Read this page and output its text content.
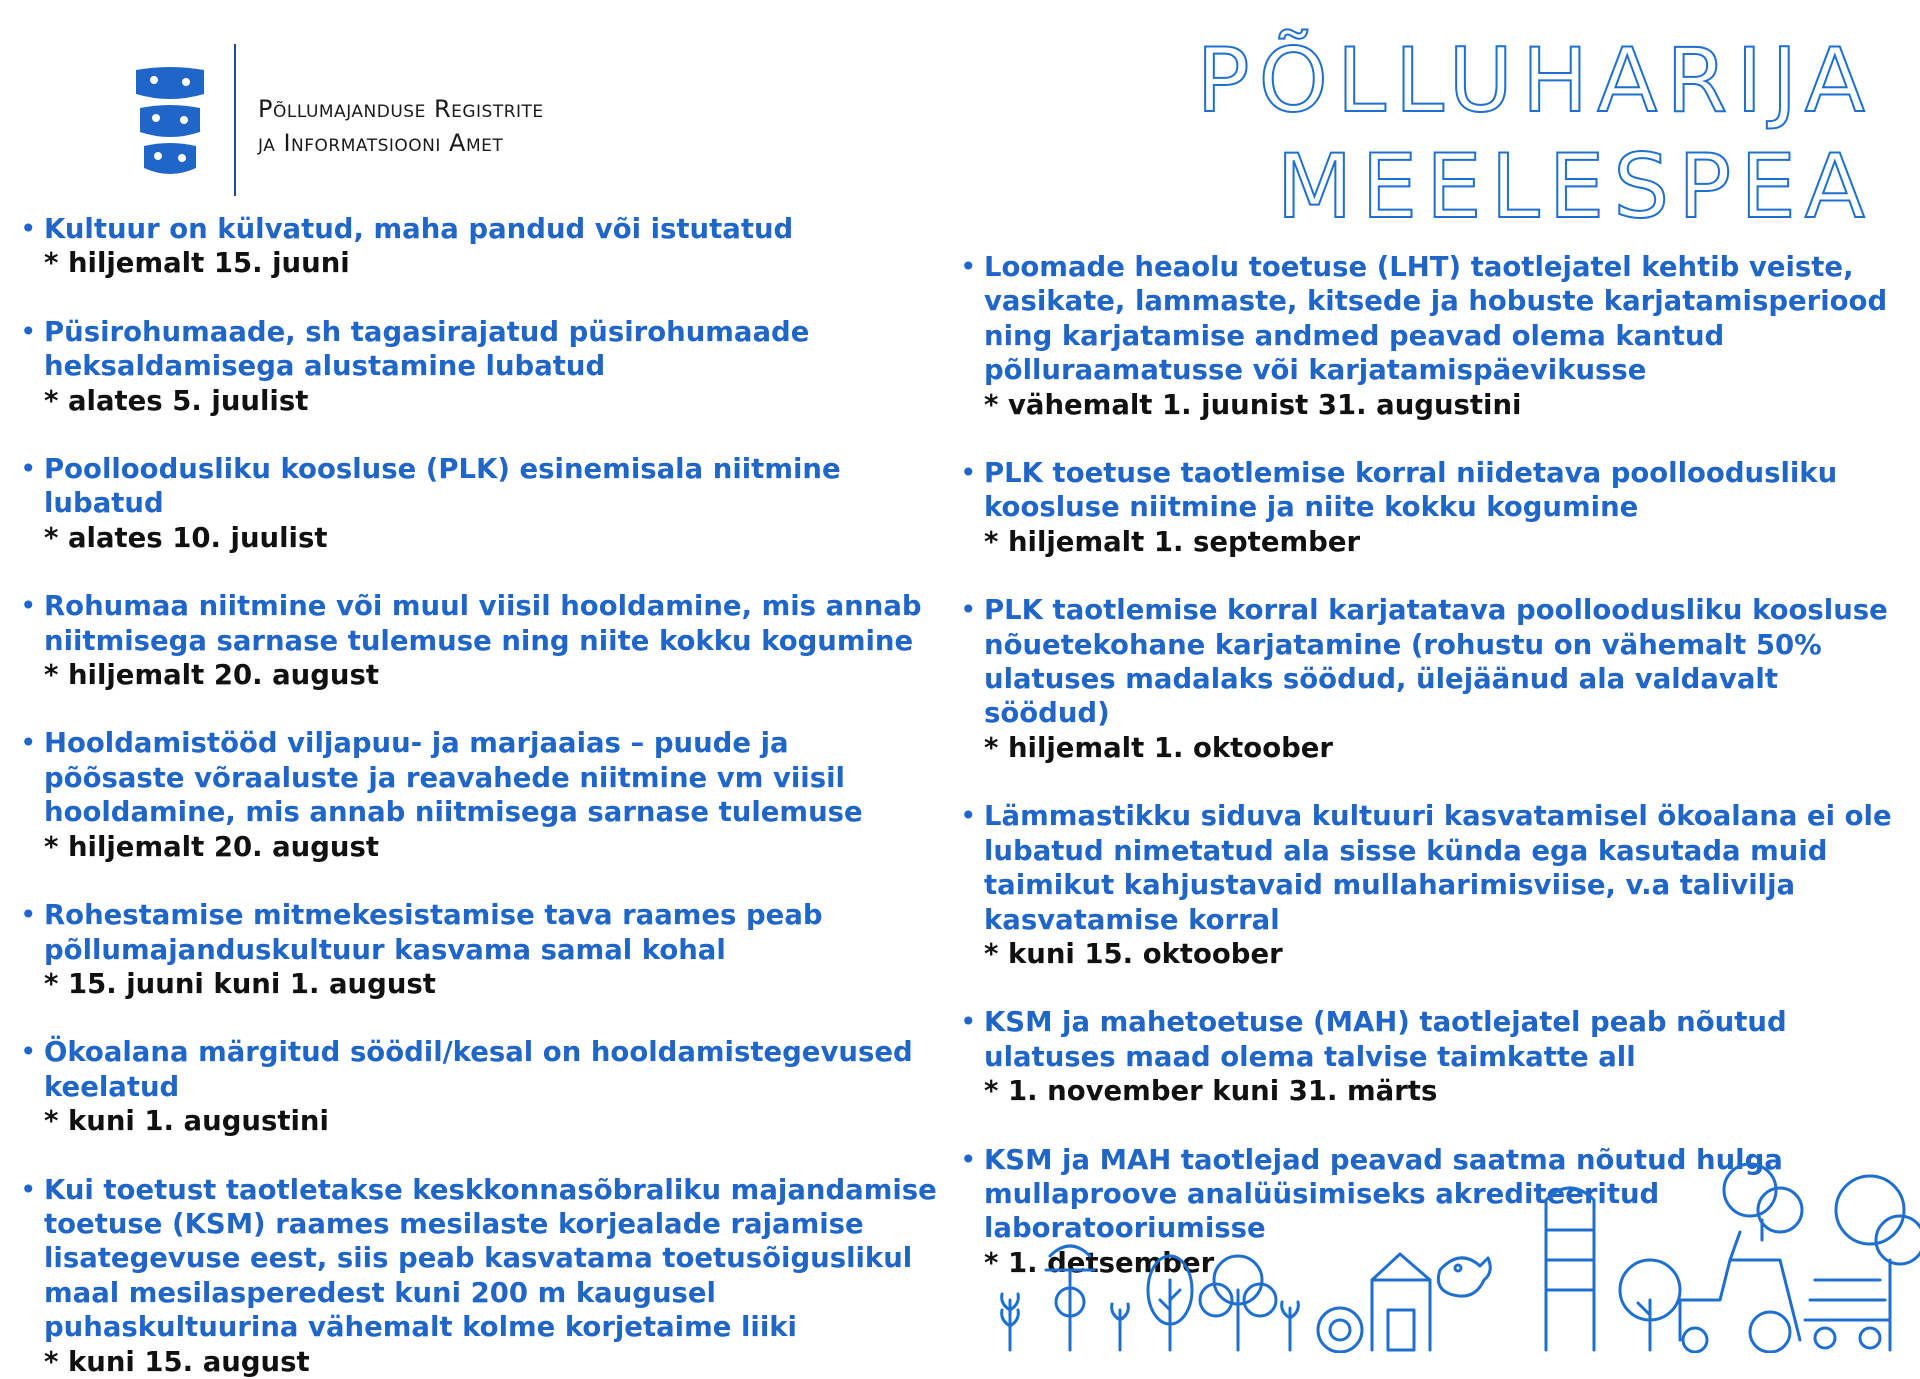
Põllumajanduse Registrite
ja Informatsiooni Amet
PÕLLUHARIJA
MEELESPEA
• Kultuur on külvatud, maha pandud või istutatud
* hiljemalt 15. juuni
• Püsirohumaade, sh tagasirajatud püsirohumaade heksaldamisega alustamine lubatud
* alates 5. juulist
• Poolloodusliku koosluse (PLK) esinemisala niitmine lubatud
* alates 10. juulist
• Rohumaa niitmine või muul viisil hooldamine, mis annab niitmisega sarnase tulemuse ning niite kokku kogumine
* hiljemalt 20. august
• Hooldamistööd viljapuu- ja marjaaias – puude ja põõsaste võraaluste ja reavahede niitmine vm viisil hooldamine, mis annab niitmisega sarnase tulemuse
* hiljemalt 20. august
• Rohestamise mitmekesistamise tava raames peab põllumajanduskultuur kasvama samal kohal
* 15. juuni kuni 1. august
• Ökoalana märgitud söödil/kesal on hooldamistegevused keelatud
* kuni 1. augustini
• Kui toetust taotletakse keskkonnasõbraliku majandamise toetuse (KSM) raames mesilaste korjealade rajamise lisategevuse eest, siis peab kasvatama toetusõiguslikul maal mesilasperedest kuni 200 m kaugusel puhaskultuurina vähemalt kolme korjetaime liiki
* kuni 15. august
• Loomade heaolu toetuse (LHT) taotlejatel kehtib veiste, vasikate, lammaste, kitsede ja hobuste karjatamisperiood ning karjatamise andmed peavad olema kantud põlluraamatusse või karjatamispäevikusse
* vähemalt 1. juunist 31. augustini
• PLK toetuse taotlemise korral niidetava poolloodusliku koosluse niitmine ja niite kokku kogumine
* hiljemalt 1. september
• PLK taotlemise korral karjatatava poolloodusliku koosluse nõuetekohane karjatamine (rohustu on vähemalt 50% ulatuses madalaks söödud, ülejäänud ala valdavalt söödud)
* hiljemalt 1. oktoober
• Lämmastikku siduva kultuuri kasvatamisel ökoalana ei ole lubatud nimetatud ala sisse künda ega kasutada muid taimikut kahjustavaid mullaharimisviise, v.a talivilja kasvatamise korral
* kuni 15. oktoober
• KSM ja mahetoetuse (MAH) taotlejatel peab nõutud ulatuses maad olema talvise taimkatte all
* 1. november kuni 31. märts
• KSM ja MAH taotlejad peavad saatma nõutud hulga mullaproove analüüsimiseks akrediteeritud laboratooriumisse
* 1. detsember
